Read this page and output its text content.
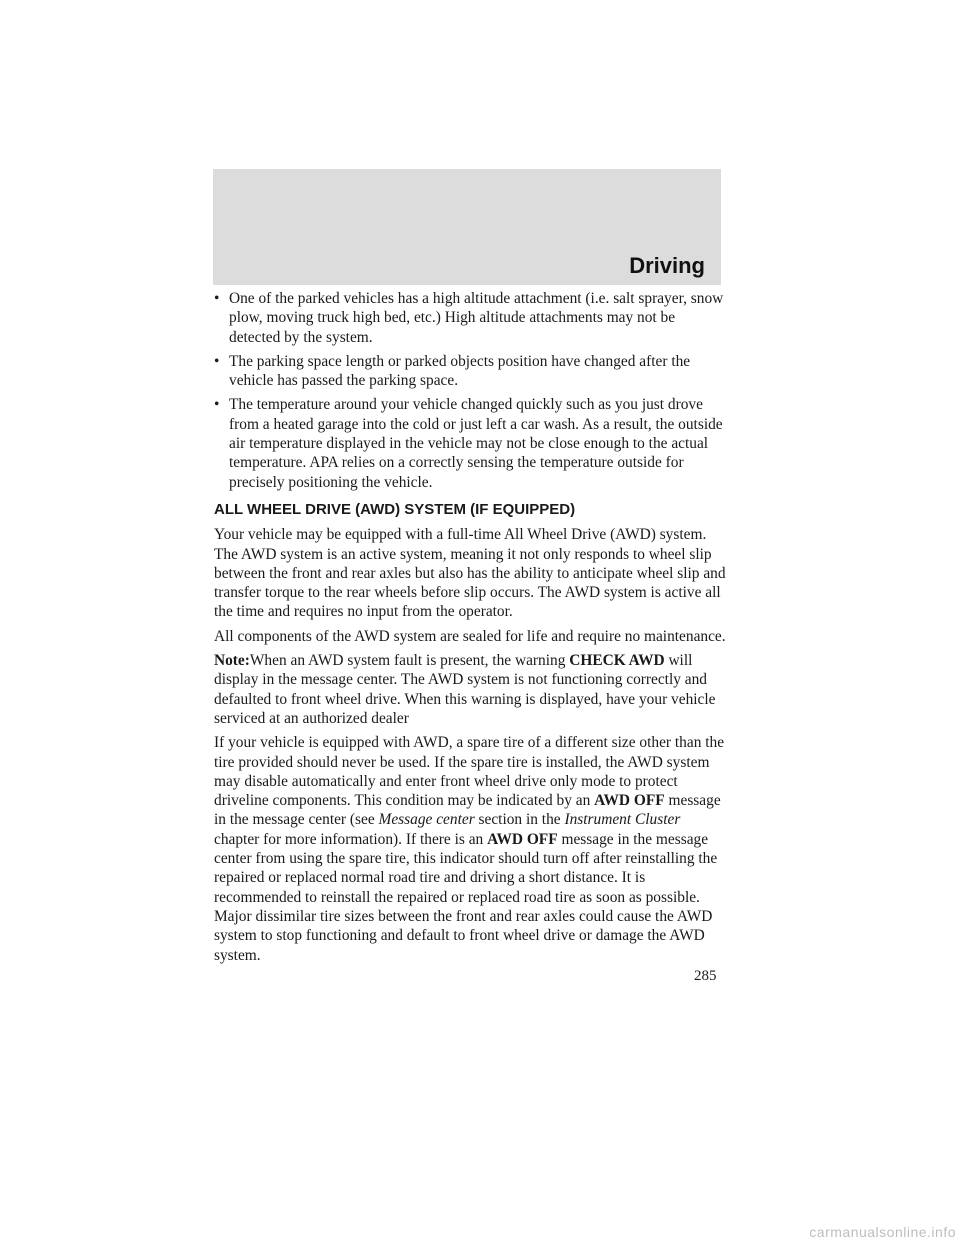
Driving
• One of the parked vehicles has a high altitude attachment (i.e. salt sprayer, snow plow, moving truck high bed, etc.) High altitude attachments may not be detected by the system.
• The parking space length or parked objects position have changed after the vehicle has passed the parking space.
• The temperature around your vehicle changed quickly such as you just drove from a heated garage into the cold or just left a car wash. As a result, the outside air temperature displayed in the vehicle may not be close enough to the actual temperature. APA relies on a correctly sensing the temperature outside for precisely positioning the vehicle.
ALL WHEEL DRIVE (AWD) SYSTEM (IF EQUIPPED)

Your vehicle may be equipped with a full-time All Wheel Drive (AWD) system. The AWD system is an active system, meaning it not only responds to wheel slip between the front and rear axles but also has the ability to anticipate wheel slip and transfer torque to the rear wheels before slip occurs. The AWD system is active all the time and requires no input from the operator.

All components of the AWD system are sealed for life and require no maintenance.

Note:When an AWD system fault is present, the warning CHECK AWD will display in the message center. The AWD system is not functioning correctly and defaulted to front wheel drive. When this warning is displayed, have your vehicle serviced at an authorized dealer

If your vehicle is equipped with AWD, a spare tire of a different size other than the tire provided should never be used. If the spare tire is installed, the AWD system may disable automatically and enter front wheel drive only mode to protect driveline components. This condition may be indicated by an AWD OFF message in the message center (see Message center section in the Instrument Cluster chapter for more information). If there is an AWD OFF message in the message center from using the spare tire, this indicator should turn off after reinstalling the repaired or replaced normal road tire and driving a short distance. It is recommended to reinstall the repaired or replaced road tire as soon as possible. Major dissimilar tire sizes between the front and rear axles could cause the AWD system to stop functioning and default to front wheel drive or damage the AWD system.

285
carmanualsonline.info
